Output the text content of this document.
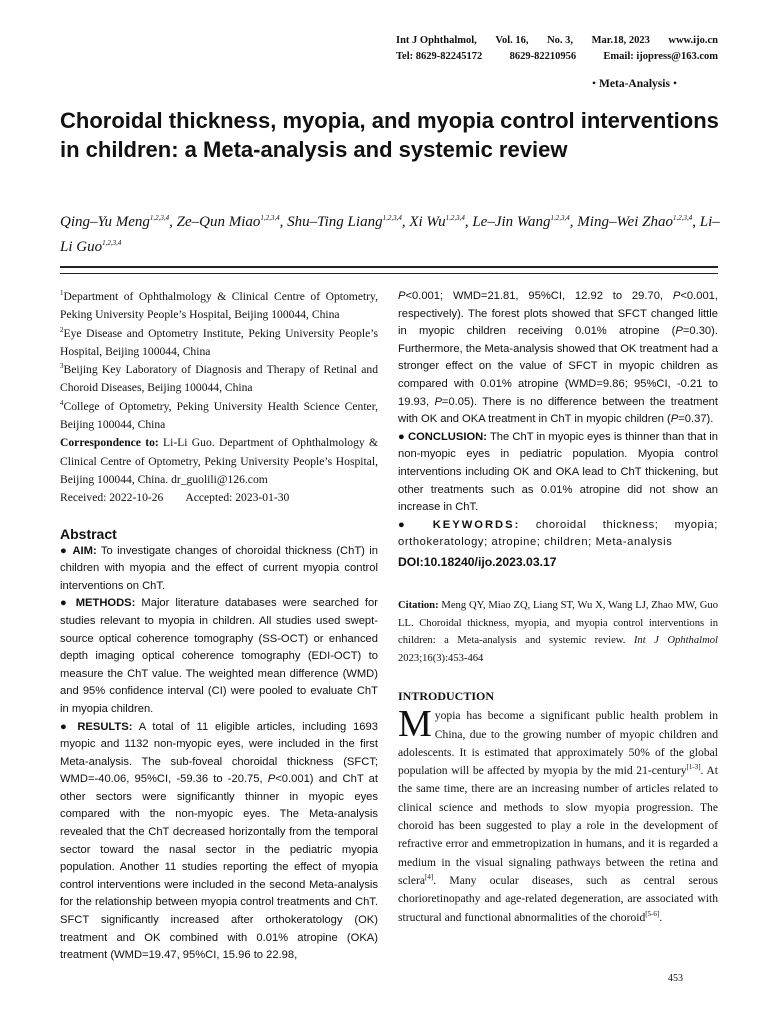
Int J Ophthalmol, Vol. 16, No. 3, Mar.18, 2023 www.ijo.cn
Tel: 8629-82245172	8629-82210956	Email: ijopress@163.com
• Meta-Analysis •
Choroidal thickness, myopia, and myopia control interventions in children: a Meta-analysis and systemic review
Qing–Yu Meng$^{1,2,3,4}$, Ze–Qun Miao$^{1,2,3,4}$, Shu–Ting Liang$^{1,2,3,4}$, Xi Wu$^{1,2,3,4}$, Le–Jin Wang$^{1,2,3,4}$, Ming–Wei Zhao$^{1,2,3,4}$, Li–Li Guo$^{1,2,3,4}$

$^1$Department of Ophthalmology & Clinical Centre of Optometry, Peking University People’s Hospital, Beijing 100044, China

$^2$Eye Disease and Optometry Institute, Peking University People’s Hospital, Beijing 100044, China

$^3$Beijing Key Laboratory of Diagnosis and Therapy of Retinal and Choroid Diseases, Beijing 100044, China

$^4$College of Optometry, Peking University Health Science Center, Beijing 100044, China

Correspondence to: Li-Li Guo. Department of Ophthalmology & Clinical Centre of Optometry, Peking University People’s Hospital, Beijing 100044, China. dr_guolili@126.com

Received: 2022-10-26 Accepted: 2023-01-30

Abstract

● AIM: To investigate changes of choroidal thickness (ChT) in children with myopia and the effect of current myopia control interventions on ChT.

● METHODS: Major literature databases were searched for studies relevant to myopia in children. All studies used swept-source optical coherence tomography (SS-OCT) or enhanced depth imaging optical coherence tomography (EDI-OCT) to measure the ChT value. The weighted mean difference (WMD) and 95% confidence interval (CI) were pooled to evaluate ChT in myopia children.

● RESULTS: A total of 11 eligible articles, including 1693 myopic and 1132 non-myopic eyes, were included in the first Meta-analysis. The sub-foveal choroidal thickness (SFCT; WMD=-40.06, 95%CI, -59.36 to -20.75, P<0.001) and ChT at other sectors were significantly thinner in myopic eyes compared with the non-myopic eyes. The Meta-analysis revealed that the ChT decreased horizontally from the temporal sector toward the nasal sector in the pediatric myopia population. Another 11 studies reporting the effect of myopia control interventions were included in the second Meta-analysis for the relationship between myopia control treatments and ChT. SFCT significantly increased after orthokeratology (OK) treatment and OK combined with 0.01% atropine (OKA) treatment (WMD=19.47, 95%CI, 15.96 to 22.98,

P<0.001; WMD=21.81, 95%CI, 12.92 to 29.70, P<0.001, respectively). The forest plots showed that SFCT changed little in myopic children receiving 0.01% atropine (P=0.30). Furthermore, the Meta-analysis showed that OK treatment had a stronger effect on the value of SFCT in myopic children as compared with 0.01% atropine (WMD=9.86; 95%CI, -0.21 to 19.93, P=0.05). There is no difference between the treatment with OK and OKA treatment in ChT in myopic children (P=0.37).

● CONCLUSION: The ChT in myopic eyes is thinner than that in non-myopic eyes in pediatric population. Myopia control interventions including OK and OKA lead to ChT thickening, but other treatments such as 0.01% atropine did not show an increase in ChT.

● KEYWORDS: choroidal thickness; myopia; orthokeratology; atropine; children; Meta-analysis

DOI:10.18240/ijo.2023.03.17
Citation: Meng QY, Miao ZQ, Liang ST, Wu X, Wang LJ, Zhao MW, Guo LL. Choroidal thickness, myopia, and myopia control interventions in children: a Meta-analysis and systemic review. Int J Ophthalmol 2023;16(3):453-464
INTRODUCTION
Myopia has become a significant public health problem in China, due to the growing number of myopic children and adolescents. It is estimated that approximately 50% of the global population will be affected by myopia by the mid 21-century[1-3]. At the same time, there are an increasing number of articles related to clinical science and methods to slow myopia progression. The choroid has been suggested to play a role in the development of refractive error and emmetropization in humans, and it is regarded a medium in the visual signaling pathways between the retina and sclera[4]. Many ocular diseases, such as central serous chorioretinopathy and age-related degeneration, are associated with structural and functional abnormalities of the choroid[5-6].
453
